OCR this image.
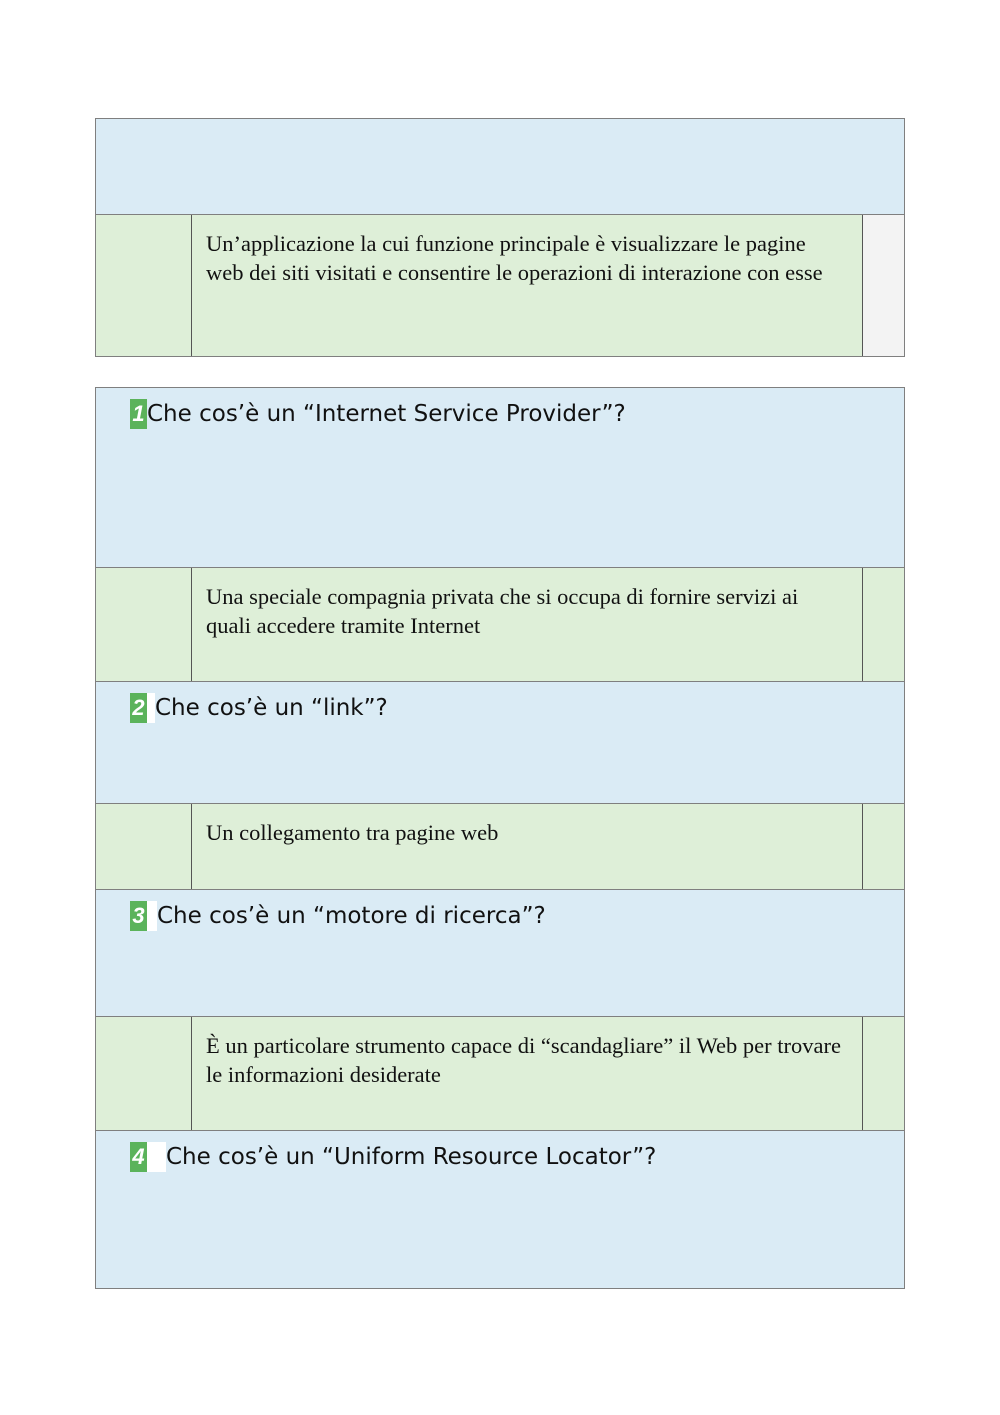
Un’applicazione la cui funzione principale è visualizzare le pagine web dei siti visitati e consentire le operazioni di interazione con esse
1 Che cos’è un “Internet Service Provider”?
Una speciale compagnia privata che si occupa di fornire servizi ai quali accedere tramite Internet
2 Che cos’è un “link”?
Un collegamento tra pagine web
3 Che cos’è un “motore di ricerca”?
È un particolare strumento capace di “scandagliare” il Web per trovare le informazioni desiderate
4 Che cos’è un “Uniform Resource Locator”?
